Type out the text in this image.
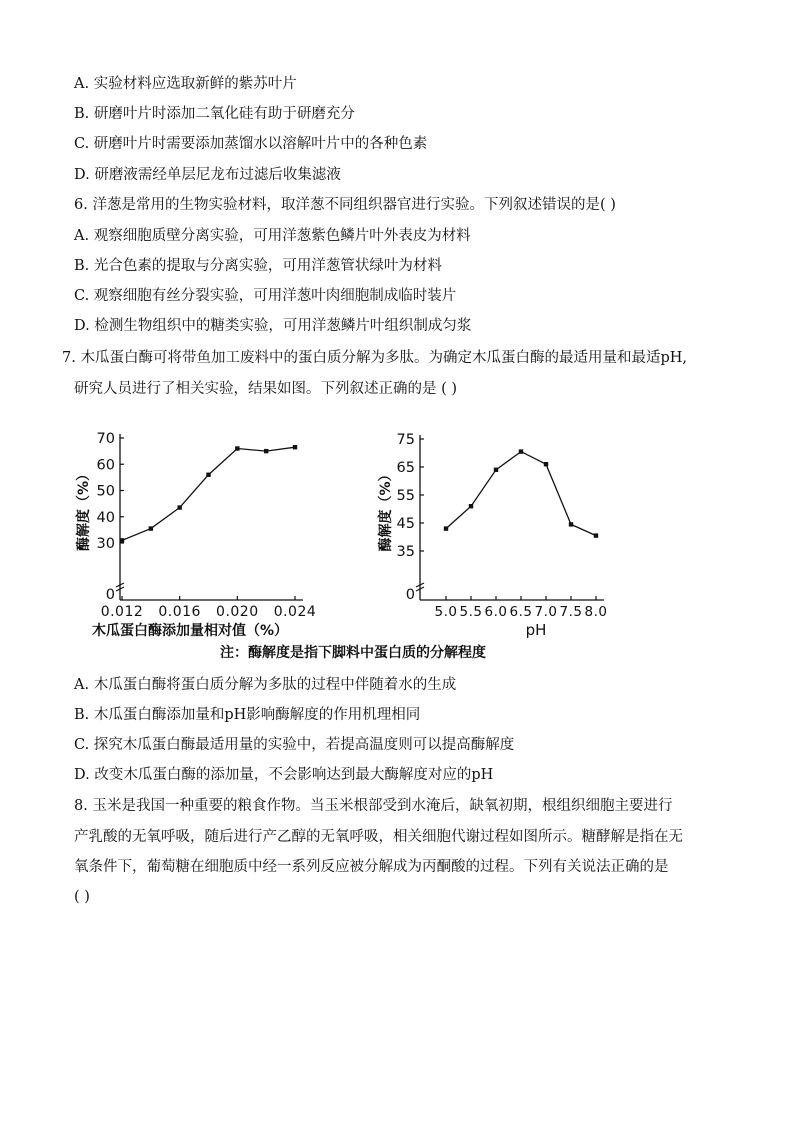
A. 实验材料应选取新鲜的紫苏叶片
B. 研磨叶片时添加二氧化硅有助于研磨充分
C. 研磨叶片时需要添加蒸馏水以溶解叶片中的各种色素
D. 研磨液需经单层尼龙布过滤后收集滤液
6. 洋葱是常用的生物实验材料，取洋葱不同组织器官进行实验。下列叙述错误的是( )
A. 观察细胞质壁分离实验，可用洋葱紫色鳞片叶外表皮为材料
B. 光合色素的提取与分离实验，可用洋葱管状绿叶为材料
C. 观察细胞有丝分裂实验，可用洋葱叶肉细胞制成临时装片
D. 检测生物组织中的糖类实验，可用洋葱鳞片叶组织制成匀浆
7. 木瓜蛋白酶可将带鱼加工废料中的蛋白质分解为多肽。为确定木瓜蛋白酶的最适用量和最适pH,
研究人员进行了相关实验，结果如图。下列叙述正确的是 ( )
30
40
50
60
70
0
0.012 0.016 0.020 0.024
酶解度（%）
木瓜蛋白酶添加量相对值（%）
35
45
55
65
75
0
5.0 5.5 6.0 6.5 7.0 7.5 8.0
酶解度（%）
pH
注：酶解度是指下脚料中蛋白质的分解程度
A. 木瓜蛋白酶将蛋白质分解为多肽的过程中伴随着水的生成
B. 木瓜蛋白酶添加量和pH影响酶解度的作用机理相同
C. 探究木瓜蛋白酶最适用量的实验中，若提高温度则可以提高酶解度
D. 改变木瓜蛋白酶的添加量，不会影响达到最大酶解度对应的pH
8. 玉米是我国一种重要的粮食作物。当玉米根部受到水淹后，缺氧初期，根组织细胞主要进行
产乳酸的无氧呼吸，随后进行产乙醇的无氧呼吸，相关细胞代谢过程如图所示。糖酵解是指在无
氧条件下，葡萄糖在细胞质中经一系列反应被分解成为丙酮酸的过程。下列有关说法正确的是
( )
